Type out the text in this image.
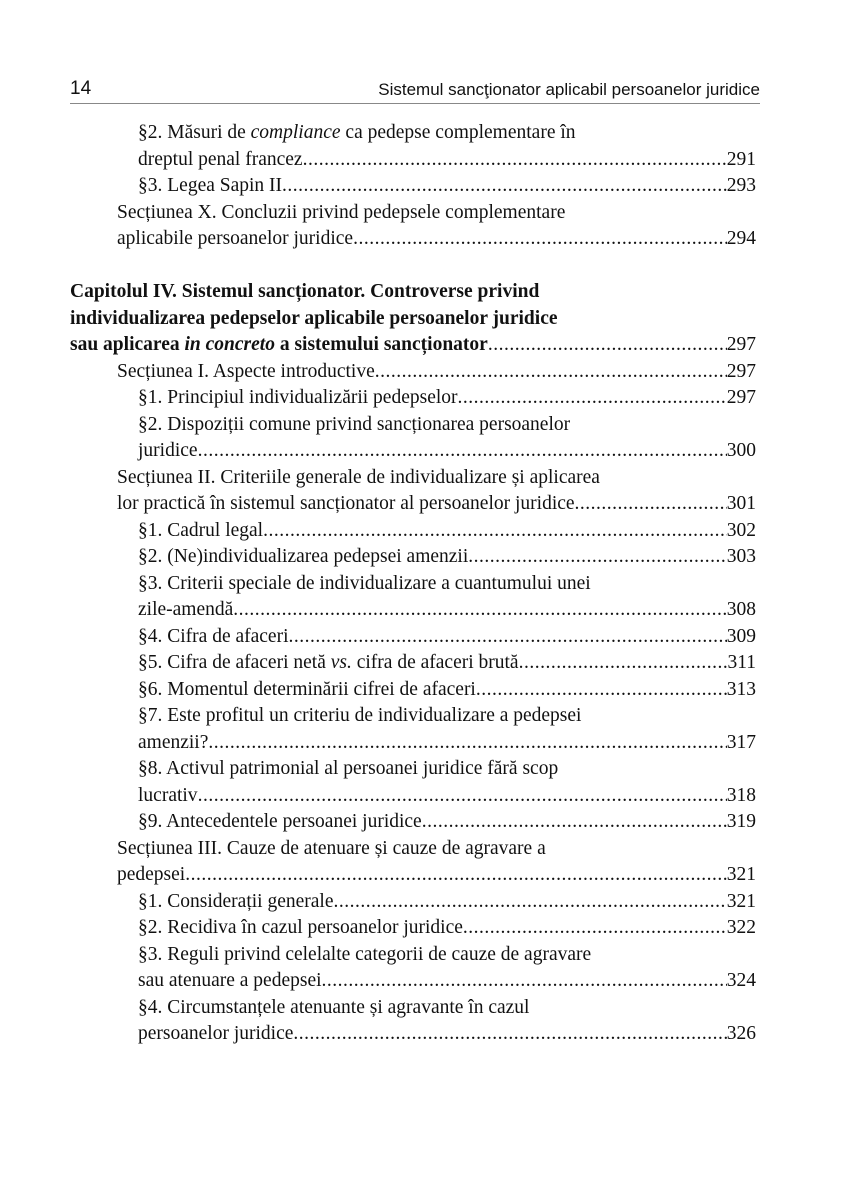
14	Sistemul sancţionator aplicabil persoanelor juridice
§2. Măsuri de compliance ca pedepse complementare în
dreptul penal francez .....	291
§3. Legea Sapin II .....	293
Secțiunea X. Concluzii privind pedepsele complementare
aplicabile persoanelor juridice .....	294
Capitolul IV. Sistemul sancționator. Controverse privind
individualizarea pedepselor aplicabile persoanelor juridice
sau aplicarea in concreto a sistemului sancționator .....	297
Secțiunea I. Aspecte introductive .....	297
§1. Principiul individualizării pedepselor .....	297
§2. Dispoziții comune privind sancționarea persoanelor
juridice .....	300
Secțiunea II. Criteriile generale de individualizare și aplicarea
lor practică în sistemul sancționator al persoanelor juridice .....	301
§1. Cadrul legal .....	302
§2. (Ne)individualizarea pedepsei amenzii .....	303
§3. Criterii speciale de individualizare a cuantumului unei
zile-amendă .....	308
§4. Cifra de afaceri .....	309
§5. Cifra de afaceri netă vs. cifra de afaceri brută .....	311
§6. Momentul determinării cifrei de afaceri .....	313
§7. Este profitul un criteriu de individualizare a pedepsei
amenzii? .....	317
§8. Activul patrimonial al persoanei juridice fără scop
lucrativ .....	318
§9. Antecedentele persoanei juridice .....	319
Secțiunea III. Cauze de atenuare și cauze de agravare a
pedepsei .....	321
§1. Considerații generale .....	321
§2. Recidiva în cazul persoanelor juridice .....	322
§3. Reguli privind celelalte categorii de cauze de agravare
sau atenuare a pedepsei .....	324
§4. Circumstanțele atenuante și agravante în cazul
persoanelor juridice .....	326
